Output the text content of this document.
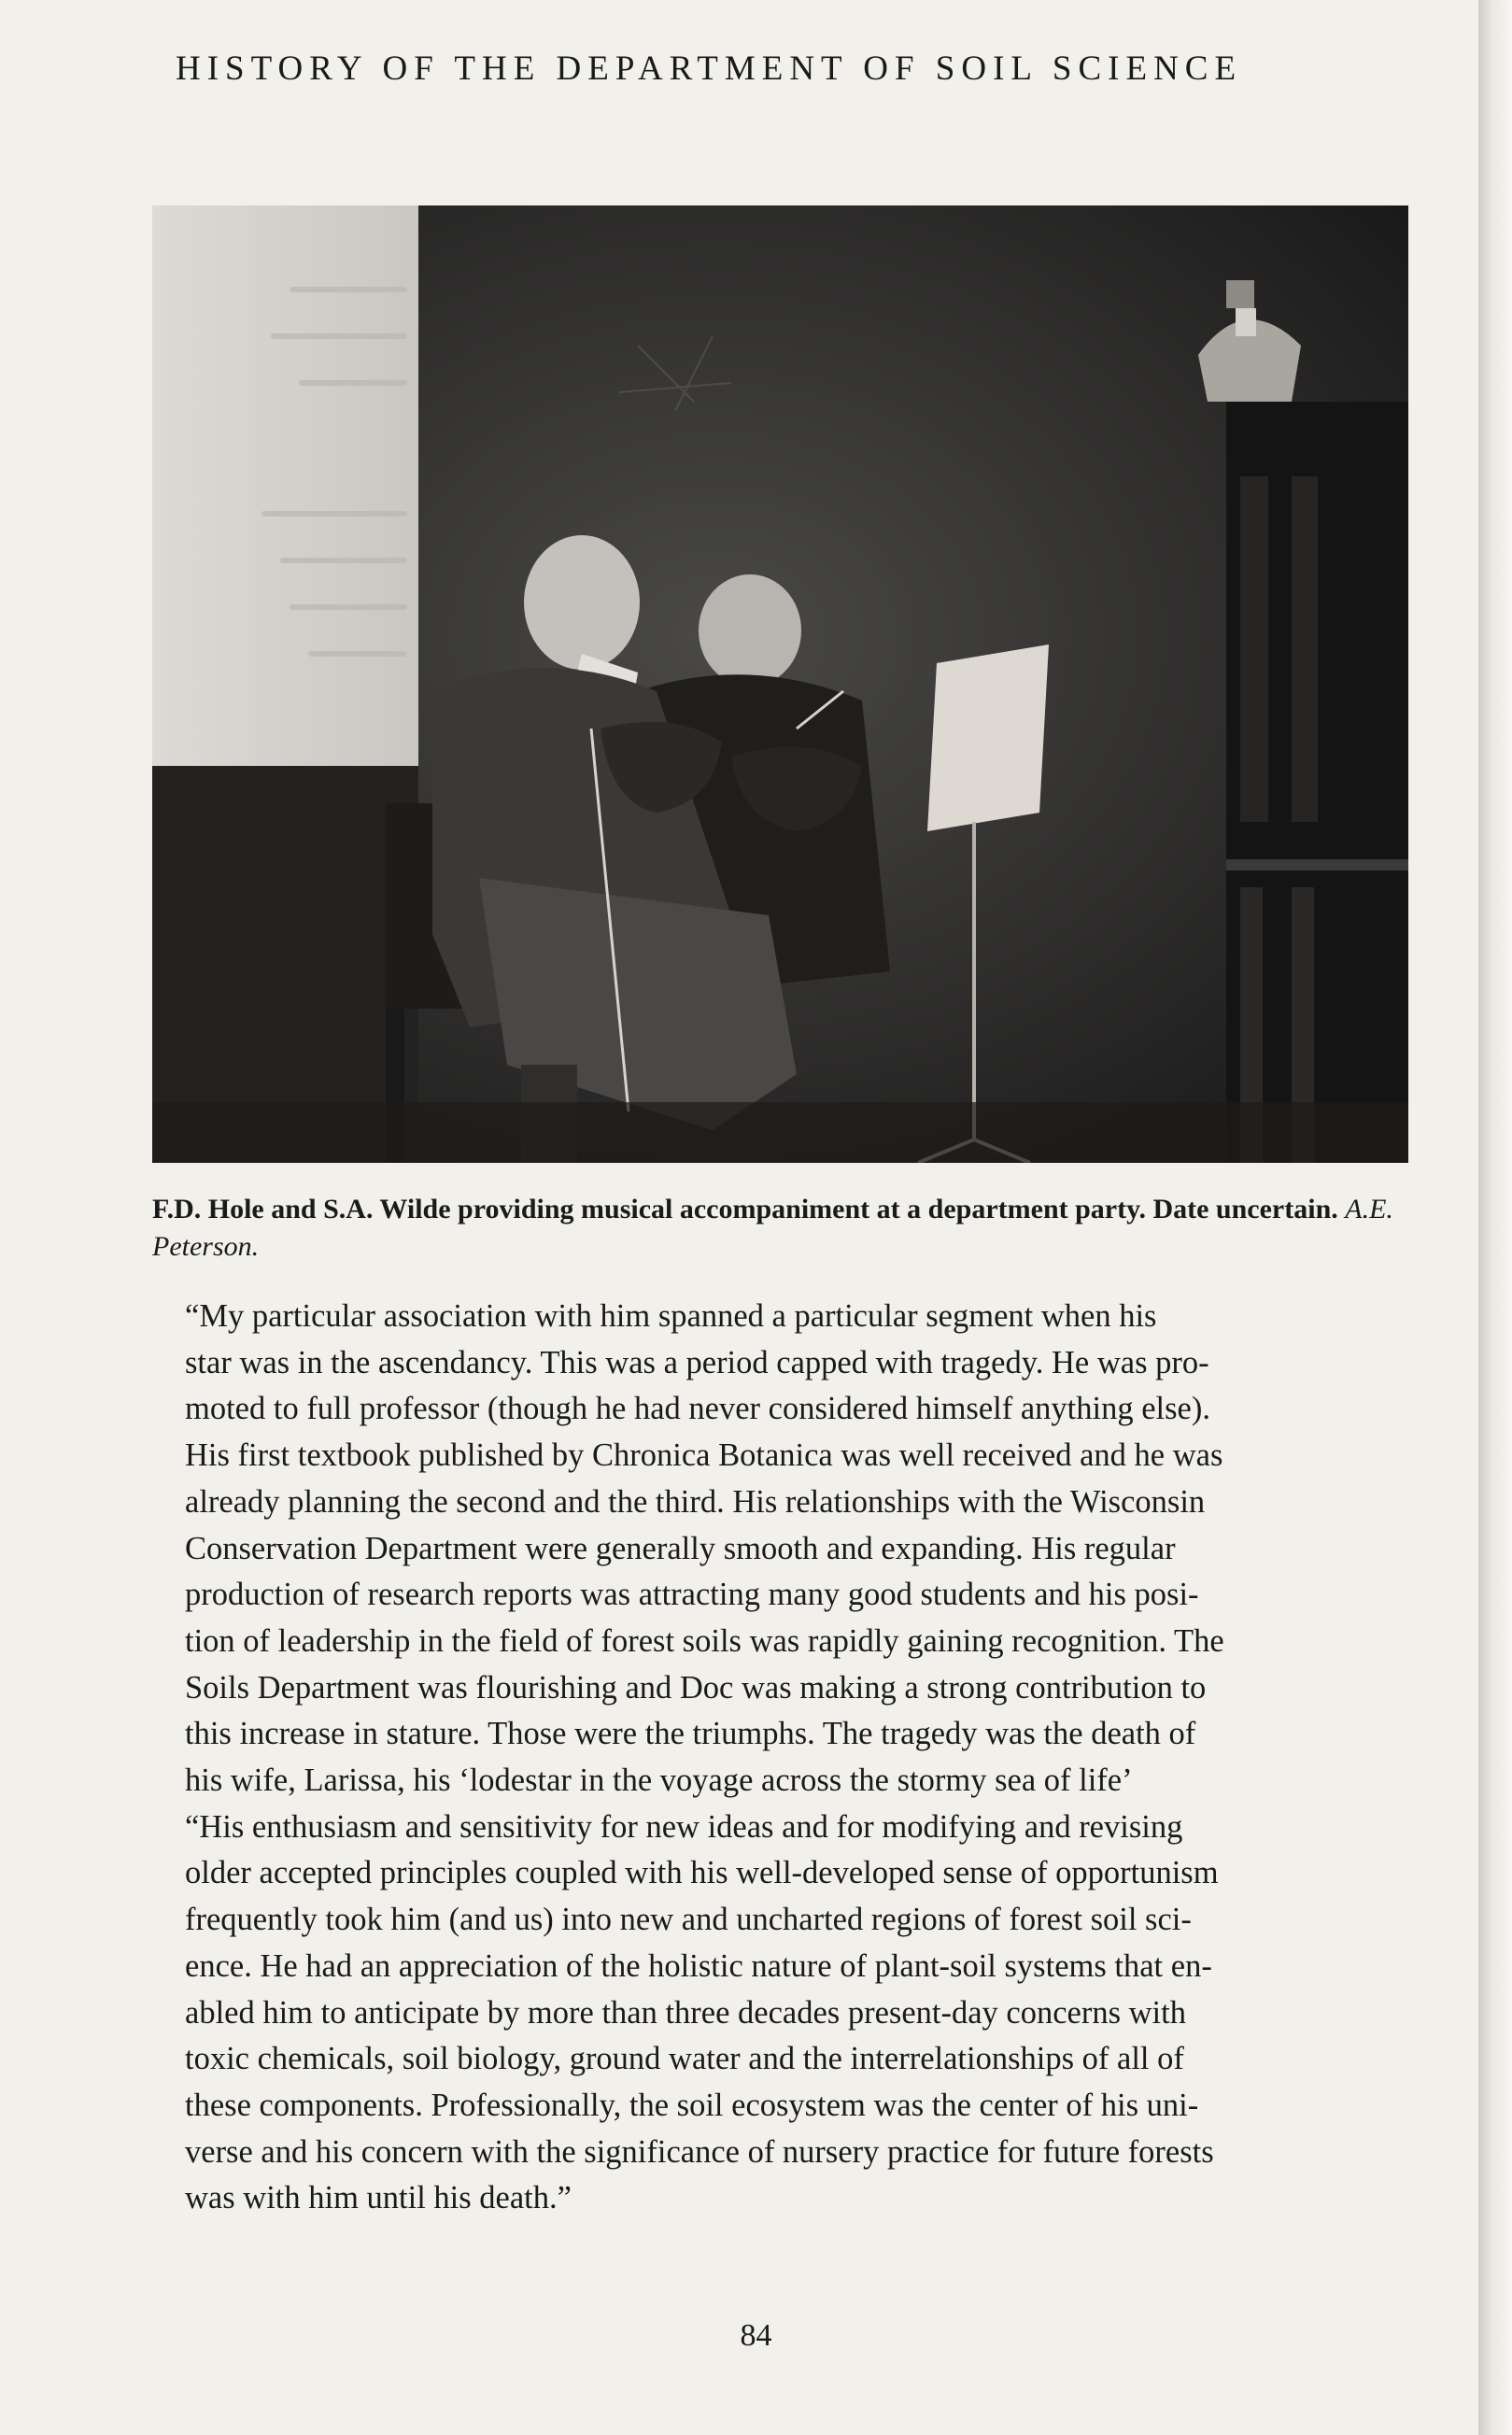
HISTORY OF THE DEPARTMENT OF SOIL SCIENCE
F.D. Hole and S.A. Wilde providing musical accompaniment at a department party. Date uncertain. A.E. Peterson.

“My particular association with him spanned a particular segment when his
star was in the ascendancy. This was a period capped with tragedy. He was pro-
moted to full professor (though he had never considered himself anything else).
His first textbook published by Chronica Botanica was well received and he was
already planning the second and the third. His relationships with the Wisconsin
Conservation Department were generally smooth and expanding. His regular
production of research reports was attracting many good students and his posi-
tion of leadership in the field of forest soils was rapidly gaining recognition. The
Soils Department was flourishing and Doc was making a strong contribution to
this increase in stature. Those were the triumphs. The tragedy was the death of
his wife, Larissa, his ‘lodestar in the voyage across the stormy sea of life’

“His enthusiasm and sensitivity for new ideas and for modifying and revising
older accepted principles coupled with his well-developed sense of opportunism
frequently took him (and us) into new and uncharted regions of forest soil sci-
ence. He had an appreciation of the holistic nature of plant-soil systems that en-
abled him to anticipate by more than three decades present-day concerns with
toxic chemicals, soil biology, ground water and the interrelationships of all of
these components. Professionally, the soil ecosystem was the center of his uni-
verse and his concern with the significance of nursery practice for future forests
was with him until his death.”

84
